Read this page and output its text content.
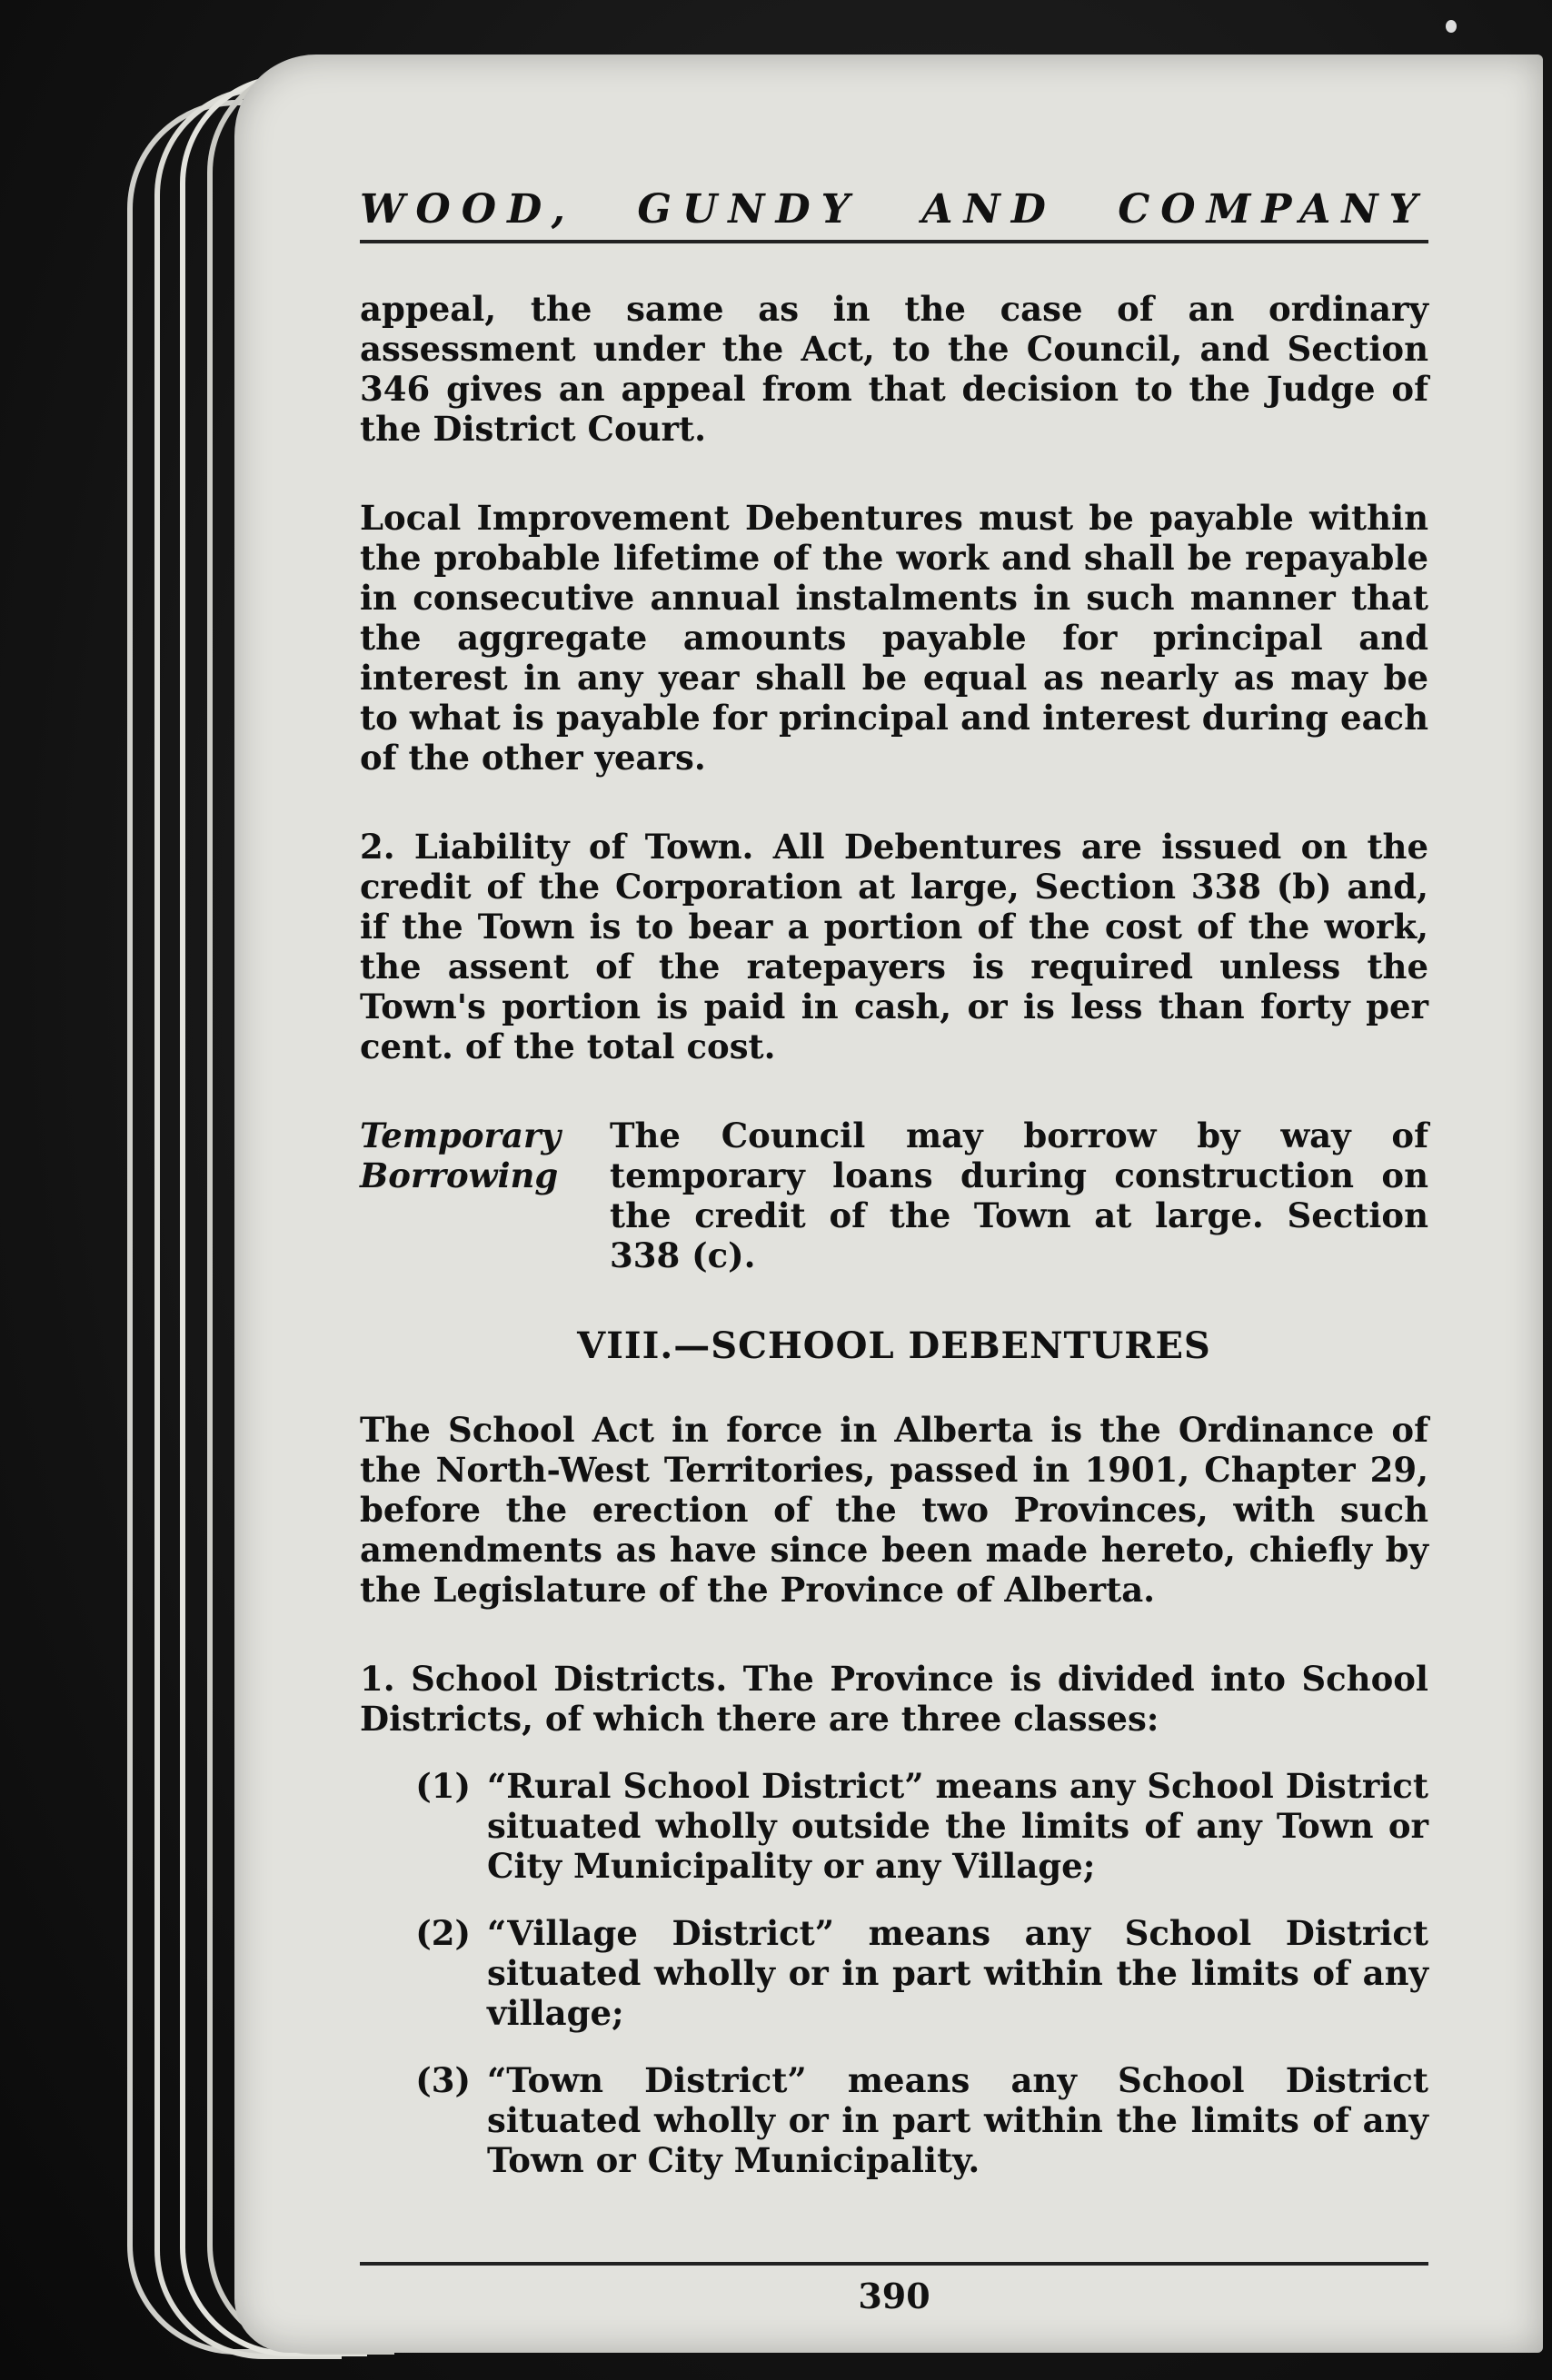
WOOD, GUNDY AND COMPANY

appeal, the same as in the case of an ordinary assessment under the Act, to the Council, and Section 346 gives an appeal from that decision to the Judge of the District Court.

Local Improvement Debentures must be payable within the probable lifetime of the work and shall be repayable in consecutive annual instalments in such manner that the aggregate amounts payable for principal and interest in any year shall be equal as nearly as may be to what is payable for principal and interest during each of the other years.

2. Liability of Town. All Debentures are issued on the credit of the Corporation at large, Section 338 (b) and, if the Town is to bear a portion of the cost of the work, the assent of the ratepayers is required unless the Town's portion is paid in cash, or is less than forty per cent. of the total cost.

Temporary
Borrowing
The Council may borrow by way of temporary loans during construction on the credit of the Town at large. Section 338 (c).
VIII.—SCHOOL DEBENTURES

The School Act in force in Alberta is the Ordinance of the North-West Territories, passed in 1901, Chapter 29, before the erection of the two Provinces, with such amendments as have since been made hereto, chiefly by the Legislature of the Province of Alberta.

1. School Districts. The Province is divided into School Districts, of which there are three classes:

(1) “Rural School District” means any School District situated wholly outside the limits of any Town or City Municipality or any Village;
(2) “Village District” means any School District situated wholly or in part within the limits of any village;
(3) “Town District” means any School District situated wholly or in part within the limits of any Town or City Municipality.
390
